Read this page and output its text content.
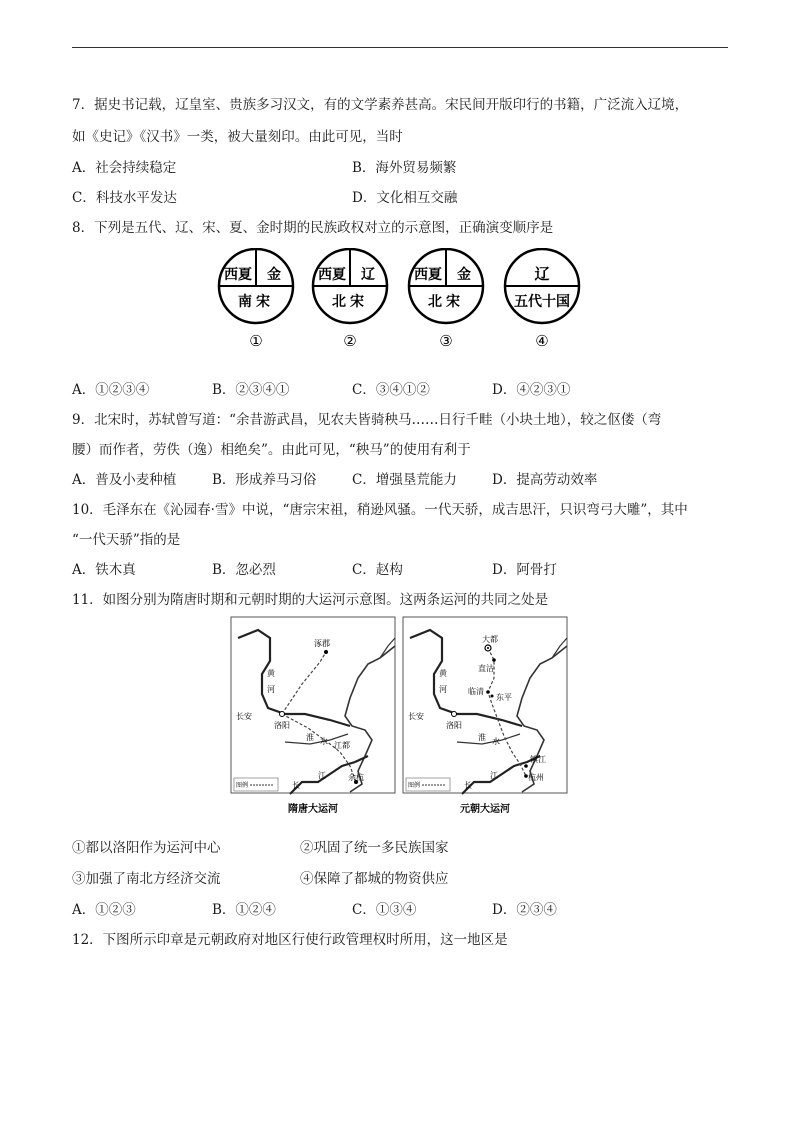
7．据史书记载，辽皇室、贵族多习汉文，有的文学素养甚高。宋民间开版印行的书籍，广泛流入辽境，
如《史记》《汉书》一类，被大量刻印。由此可见，当时
A．社会持续稳定	B．海外贸易频繁
C．科技水平发达	D．文化相互交融
8．下列是五代、辽、宋、夏、金时期的民族政权对立的示意图，正确演变顺序是
西夏 金
南宋
①
西夏 辽
北宋
②
西夏 金
北宋
③
辽
五代十国
④
A．①②③④	B．②③④①	C．③④①②	D．④②③①
9．北宋时，苏轼曾写道：“余昔游武昌，见农夫皆骑秧马……日行千畦（小块土地），较之伛偻（弯
腰）而作者，劳佚（逸）相绝矣”。由此可见，“秧马”的使用有利于
A．普及小麦种植	B．形成养马习俗	C．增强垦荒能力	D．提高劳动效率
10．毛泽东在《沁园春·雪》中说，“唐宗宋祖，稍逊风骚。一代天骄，成吉思汗，只识弯弓大雕”，其中
“一代天骄”指的是
A．铁木真	B．忽必烈	C．赵构	D．阿骨打
11．如图分别为隋唐时期和元朝时期的大运河示意图。这两条运河的共同之处是
涿郡
黄
河
长安
洛阳
淮 水 江都
长
江	余杭
图例
隋唐大运河
大都
直沽
临清
东平
黄
河
长安
洛阳
淮 水
镇江
杭州
长
江
图例
元朝大运河
①都以洛阳作为运河中心	②巩固了统一多民族国家
③加强了南北方经济交流	④保障了都城的物资供应
A．①②③	B．①②④	C．①③④	D．②③④
12．下图所示印章是元朝政府对地区行使行政管理权时所用，这一地区是
